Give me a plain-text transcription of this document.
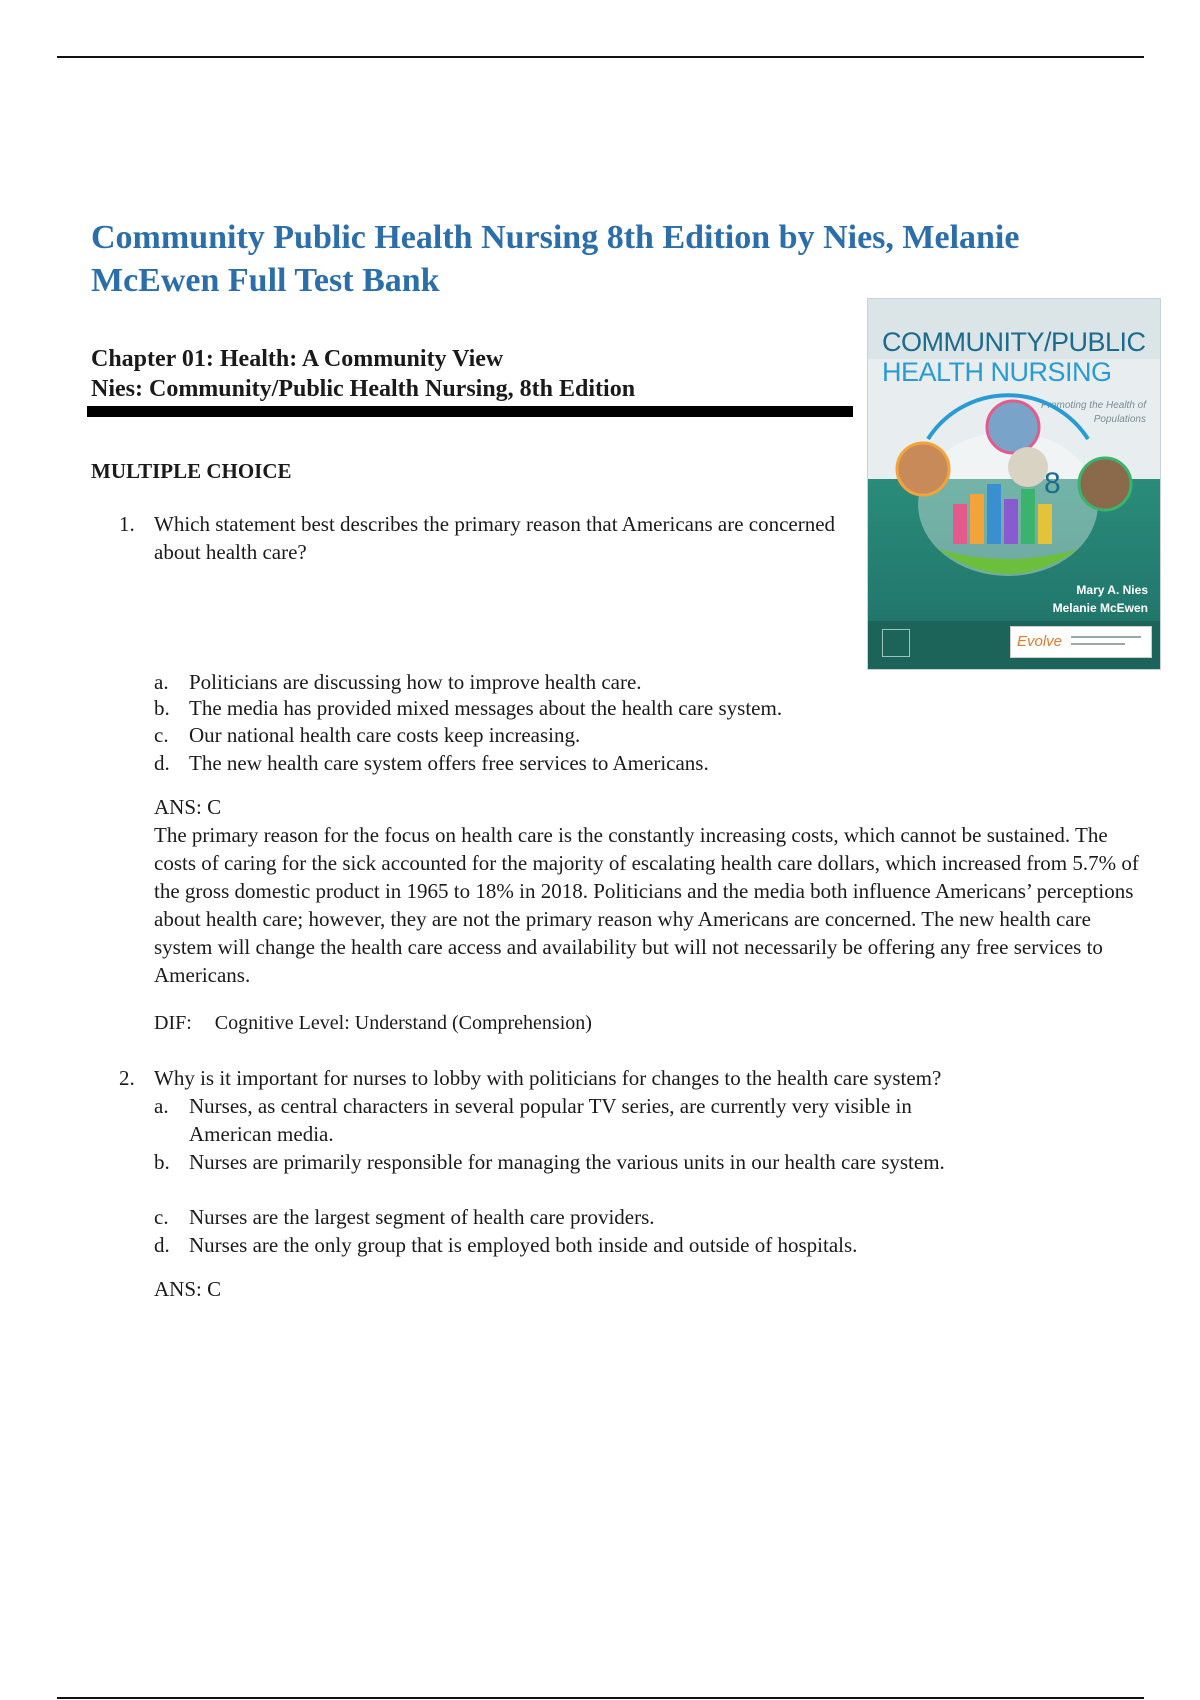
Community Public Health Nursing 8th Edition by Nies, Melanie McEwen Full Test Bank
Chapter 01: Health: A Community View
Nies: Community/Public Health Nursing, 8th Edition
COMMUNITY/PUBLIC
HEALTH NURSING
Promoting the Health of Populations
8
Mary A. Nies
Melanie McEwen
Evolve
MULTIPLE CHOICE
1. Which statement best describes the primary reason that Americans are concerned about health care?
a. Politicians are discussing how to improve health care.
b. The media has provided mixed messages about the health care system.
c. Our national health care costs keep increasing.
d. The new health care system offers free services to Americans.
ANS: C
The primary reason for the focus on health care is the constantly increasing costs, which cannot be sustained. The costs of caring for the sick accounted for the majority of escalating health care dollars, which increased from 5.7% of the gross domestic product in 1965 to 18% in 2018. Politicians and the media both influence Americans’ perceptions about health care; however, they are not the primary reason why Americans are concerned. The new health care system will change the health care access and availability but will not necessarily be offering any free services to Americans.
DIF: Cognitive Level: Understand (Comprehension)
2. Why is it important for nurses to lobby with politicians for changes to the health care system?
a. Nurses, as central characters in several popular TV series, are currently very visible in American media.
b. Nurses are primarily responsible for managing the various units in our health care system.
c. Nurses are the largest segment of health care providers.
d. Nurses are the only group that is employed both inside and outside of hospitals.
ANS: C
